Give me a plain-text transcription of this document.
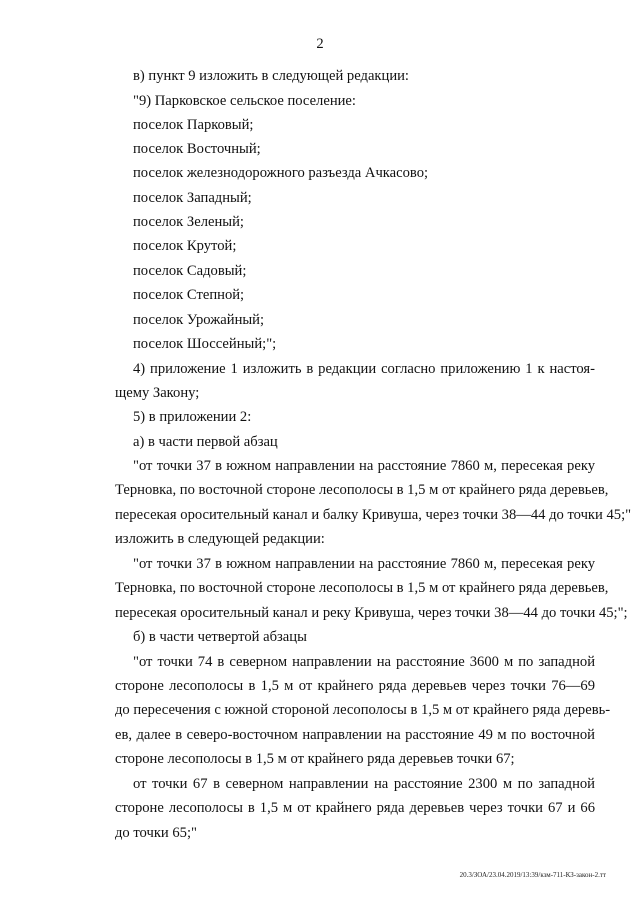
2
в) пункт 9 изложить в следующей редакции:
"9) Парковское сельское поселение:
поселок Парковый;
поселок Восточный;
поселок железнодорожного разъезда Ачкасово;
поселок Западный;
поселок Зеленый;
поселок Крутой;
поселок Садовый;
поселок Степной;
поселок Урожайный;
поселок Шоссейный;";
4) приложение 1 изложить в редакции согласно приложению 1 к настоя-
щему Закону;
5) в приложении 2:
а) в части первой абзац
"от точки 37 в южном направлении на расстояние 7860 м, пересекая реку
Терновка, по восточной стороне лесополосы в 1,5 м от крайнего ряда деревьев,
пересекая оросительный канал и балку Кривуша, через точки 38—44 до точки 45;"
изложить в следующей редакции:
"от точки 37 в южном направлении на расстояние 7860 м, пересекая реку
Терновка, по восточной стороне лесополосы в 1,5 м от крайнего ряда деревьев,
пересекая оросительный канал и реку Кривуша, через точки 38—44 до точки 45;";
б) в части четвертой абзацы
"от точки 74 в северном направлении на расстояние 3600 м по западной
стороне лесополосы в 1,5 м от крайнего ряда деревьев через точки 76—69
до пересечения с южной стороной лесополосы в 1,5 м от крайнего ряда деревь-
ев, далее в северо-восточном направлении на расстояние 49 м по восточной
стороне лесополосы в 1,5 м от крайнего ряда деревьев точки 67;
от точки 67 в северном направлении на расстояние 2300 м по западной
стороне лесополосы в 1,5 м от крайнего ряда деревьев через точки 67 и 66
до точки 65;"
20.3/ЗОА/23.04.2019/13:39/кзм-711-КЗ-закон-2.тт
